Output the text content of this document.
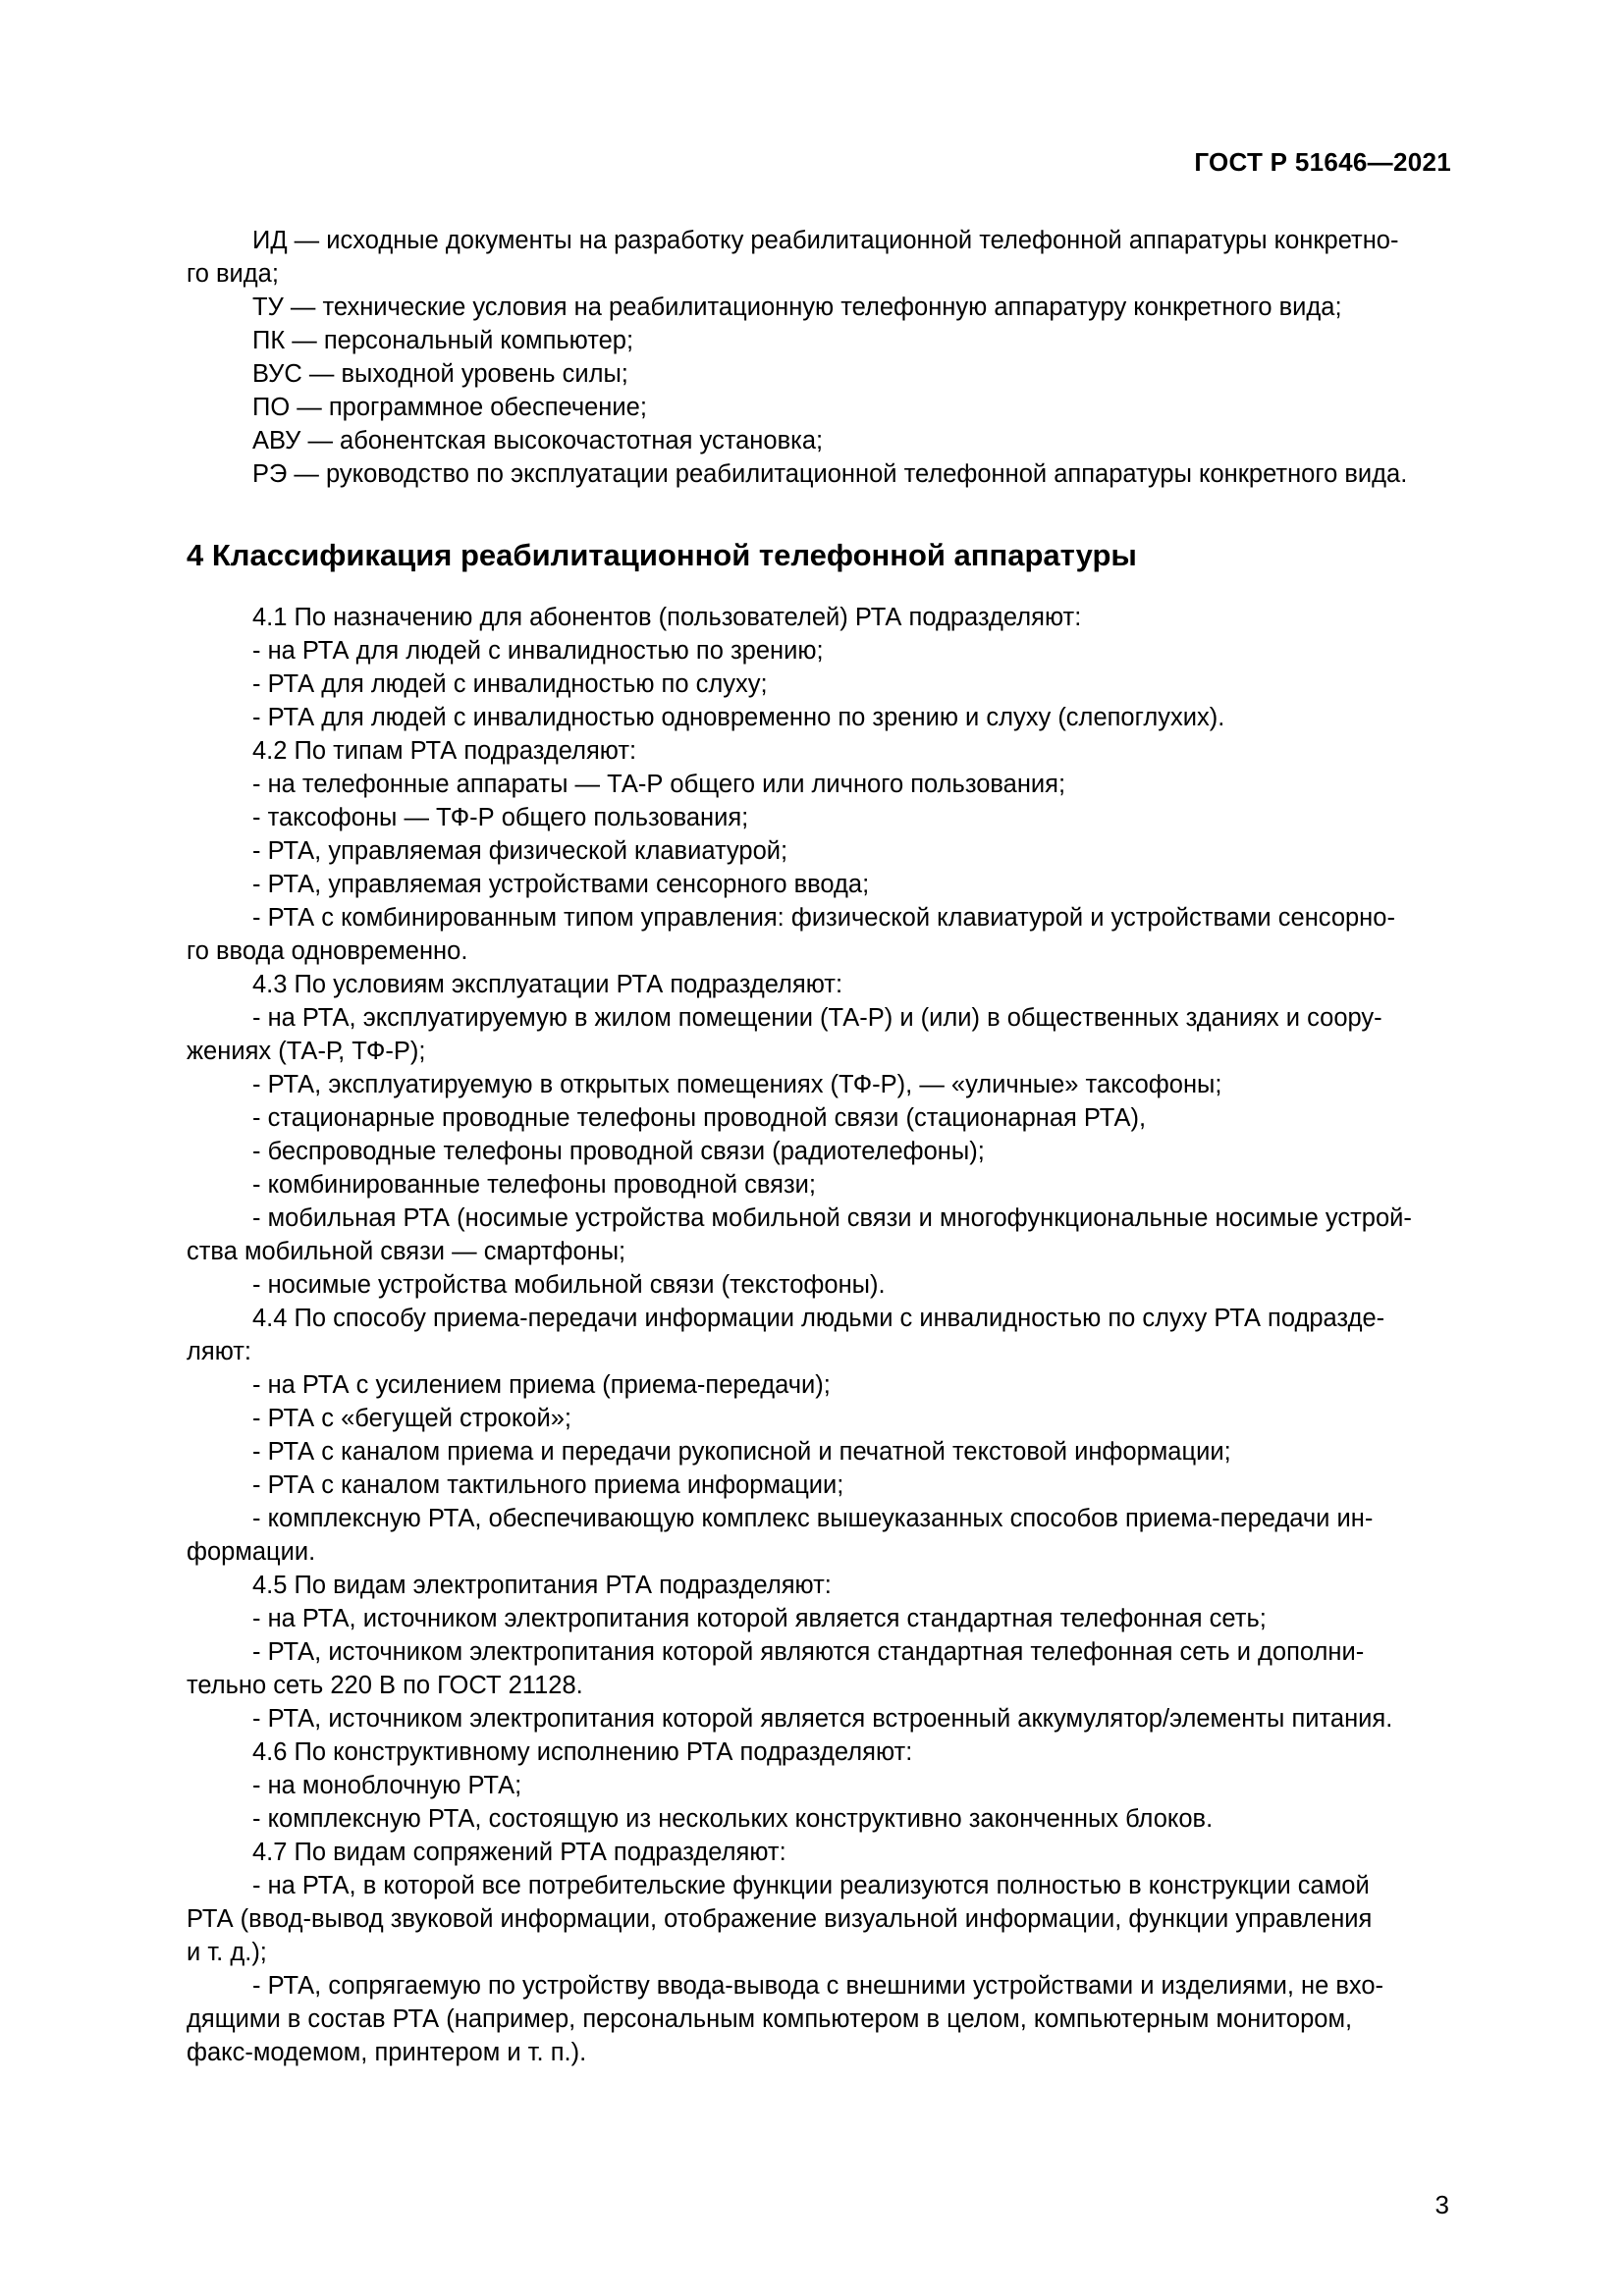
ГОСТ Р 51646—2021

ИД — исходные документы на разработку реабилитационной телефонной аппаратуры конкретно-
го вида;

ТУ — технические условия на реабилитационную телефонную аппаратуру конкретного вида;

ПК — персональный компьютер;

ВУС — выходной уровень силы;

ПО — программное обеспечение;

АВУ — абонентская высокочастотная установка;

РЭ — руководство по эксплуатации реабилитационной телефонной аппаратуры конкретного вида.

4 Классификация реабилитационной телефонной аппаратуры

4.1 По назначению для абонентов (пользователей) РТА подразделяют:

- на РТА для людей с инвалидностью по зрению;

- РТА для людей с инвалидностью по слуху;

- РТА для людей с инвалидностью одновременно по зрению и слуху (слепоглухих).

4.2 По типам РТА подразделяют:

- на телефонные аппараты — ТА-Р общего или личного пользования;

- таксофоны — ТФ-Р общего пользования;

- РТА, управляемая физической клавиатурой;

- РТА, управляемая устройствами сенсорного ввода;

- РТА с комбинированным типом управления: физической клавиатурой и устройствами сенсорно-
го ввода одновременно.

4.3 По условиям эксплуатации РТА подразделяют:

- на РТА, эксплуатируемую в жилом помещении (ТА-Р) и (или) в общественных зданиях и соору-
жениях (ТА-Р, ТФ-Р);

- РТА, эксплуатируемую в открытых помещениях (ТФ-Р), — «уличные» таксофоны;

- стационарные проводные телефоны проводной связи (стационарная РТА),

- беспроводные телефоны проводной связи (радиотелефоны);

- комбинированные телефоны проводной связи;

- мобильная РТА (носимые устройства мобильной связи и многофункциональные носимые устрой-
ства мобильной связи — смартфоны;

- носимые устройства мобильной связи (текстофоны).

4.4 По способу приема-передачи информации людьми с инвалидностью по слуху РТА подразде-
ляют:

- на РТА с усилением приема (приема-передачи);

- РТА с «бегущей строкой»;

- РТА с каналом приема и передачи рукописной и печатной текстовой информации;

- РТА с каналом тактильного приема информации;

- комплексную РТА, обеспечивающую комплекс вышеуказанных способов приема-передачи ин-
формации.

4.5 По видам электропитания РТА подразделяют:

- на РТА, источником электропитания которой является стандартная телефонная сеть;

- РТА, источником электропитания которой являются стандартная телефонная сеть и дополни-
тельно сеть 220 В по ГОСТ 21128.

- РТА, источником электропитания которой является встроенный аккумулятор/элементы питания.

4.6 По конструктивному исполнению РТА подразделяют:

- на моноблочную РТА;

- комплексную РТА, состоящую из нескольких конструктивно законченных блоков.

4.7 По видам сопряжений РТА подразделяют:

- на РТА, в которой все потребительские функции реализуются полностью в конструкции самой
РТА (ввод-вывод звуковой информации, отображение визуальной информации, функции управления
и т. д.);

- РТА, сопрягаемую по устройству ввода-вывода с внешними устройствами и изделиями, не вхо-
дящими в состав РТА (например, персональным компьютером в целом, компьютерным монитором,
факс-модемом, принтером и т. п.).

3
